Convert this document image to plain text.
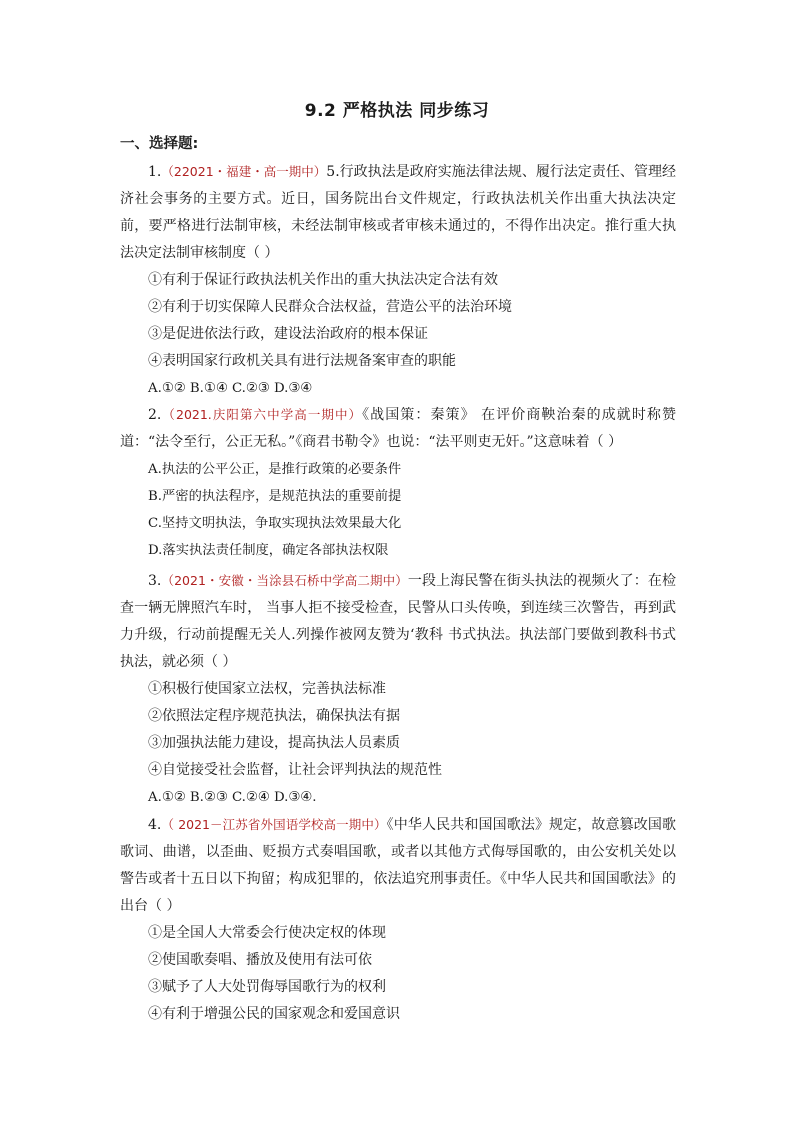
9.2 严格执法 同步练习
一、选择题:

1.（22021・福建・高一期中）5.行政执法是政府实施法律法规、履行法定责任、管理经济社会事务的主要方式。近日，国务院出台文件规定，行政执法机关作出重大执法决定前，要严格进行法制审核，未经法制审核或者审核未通过的，不得作出决定。推行重大执法决定法制审核制度（ ）

①有利于保证行政执法机关作出的重大执法决定合法有效

②有利于切实保障人民群众合法权益，营造公平的法治环境

③是促进依法行政，建设法治政府的根本保证

④表明国家行政机关具有进行法规备案审查的职能

A.①② B.①④ C.②③ D.③④

2.（2021.庆阳第六中学高一期中）《战国策：秦策》 在评价商鞅治秦的成就时称赞道：“法令至行，公正无私。”《商君书勒令》也说：“法平则吏无奸。”这意味着（ ）

A.执法的公平公正，是推行政策的必要条件

B.严密的执法程序，是规范执法的重要前提

C.坚持文明执法，争取实现执法效果最大化

D.落实执法责任制度，确定各部执法权限

3.（2021・安徽・当涂县石桥中学高二期中）一段上海民警在街头执法的视频火了：在检查一辆无牌照汽车时， 当事人拒不接受检查，民警从口头传唤，到连续三次警告，再到武力升级，行动前提醒无关人.列操作被网友赞为‘教科 书式执法。执法部门要做到教科书式执法，就必须（ ）

①积极行使国家立法权，完善执法标准

②依照法定程序规范执法，确保执法有据

③加强执法能力建设，提高执法人员素质

④自觉接受社会监督，让社会评判执法的规范性

A.①② B.②③ C.②④ D.③④.

4.（ 2021－江苏省外国语学校高一期中）《中华人民共和国国歌法》规定，故意篡改国歌歌词、曲谱，以歪曲、贬损方式奏唱国歌，或者以其他方式侮辱国歌的，由公安机关处以警告或者十五日以下拘留；构成犯罪的，依法追究刑事责任。《中华人民共和国国歌法》的出台（ ）

①是全国人大常委会行使决定权的体现

②使国歌奏唱、播放及使用有法可依

③赋予了人大处罚侮辱国歌行为的权利

④有利于增强公民的国家观念和爱国意识
